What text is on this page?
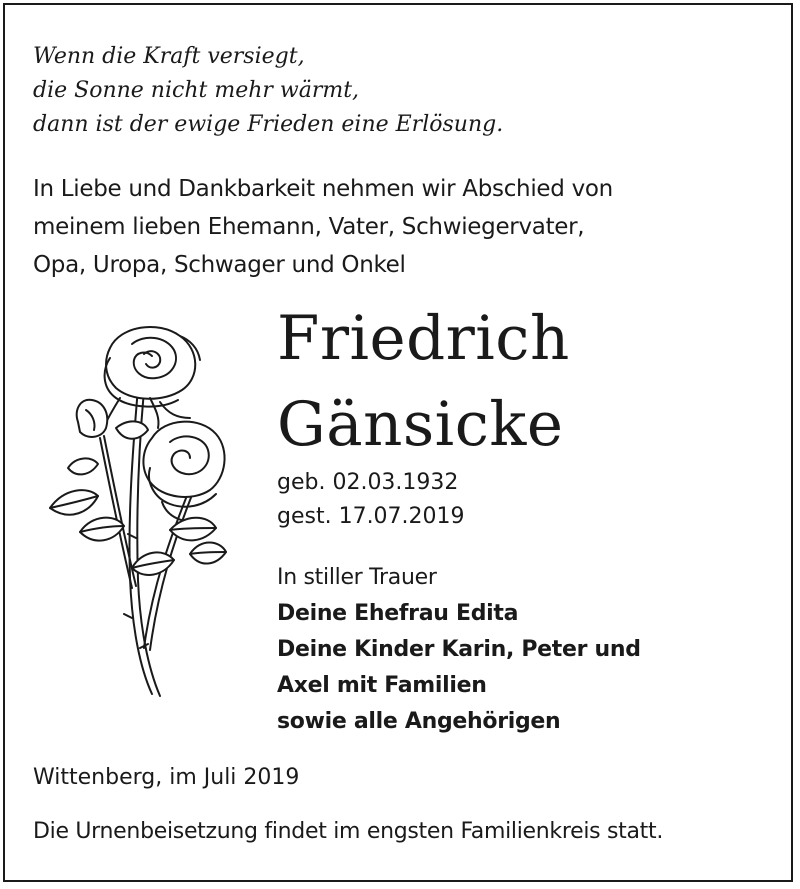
Wenn die Kraft versiegt,
die Sonne nicht mehr wärmt,
dann ist der ewige Frieden eine Erlösung.
In Liebe und Dankbarkeit nehmen wir Abschied von
meinem lieben Ehemann, Vater, Schwiegervater,
Opa, Uropa, Schwager und Onkel
Friedrich
Gänsicke
geb. 02.03.1932
gest. 17.07.2019
In stiller Trauer
Deine Ehefrau Edita
Deine Kinder Karin, Peter und
Axel mit Familien
sowie alle Angehörigen
Wittenberg, im Juli 2019
Die Urnenbeisetzung findet im engsten Familienkreis statt.
